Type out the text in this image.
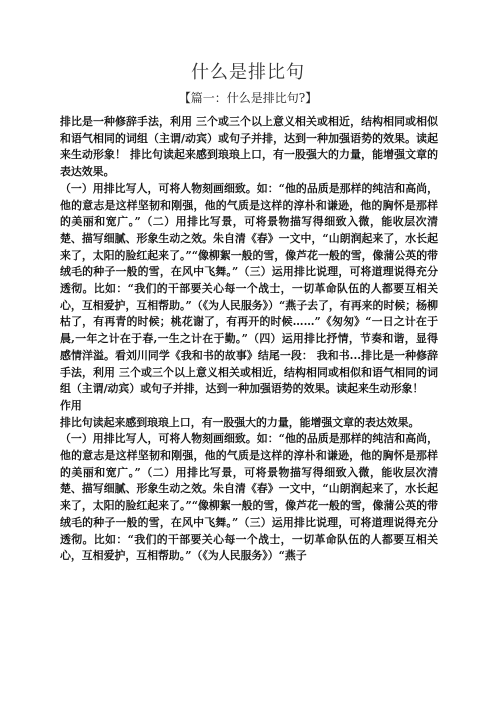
什么是排比句
【篇一：什么是排比句?】

排比是一种修辞手法，利用 三个或三个以上意义相关或相近，结构相同或相似和语气相同的词组（主谓/动宾）或句子并排，达到一种加强语势的效果。读起来生动形象！ 排比句读起来感到琅琅上口，有一股强大的力量，能增强文章的表达效果。

（一）用排比写人，可将人物刻画细致。如：“他的品质是那样的纯洁和高尚，他的意志是这样坚韧和刚强，他的气质是这样的淳朴和谦逊，他的胸怀是那样的美丽和宽广。”（二）用排比写景，可将景物描写得细致入微，能收层次清楚、描写细腻、形象生动之效。朱自清《春》一文中，“山朗润起来了，水长起来了，太阳的脸红起来了。”“像柳絮一般的雪，像芦花一般的雪，像蒲公英的带绒毛的种子一般的雪，在风中飞舞。”（三）运用排比说理，可将道理说得充分透彻。比如：“我们的干部要关心每一个战士，一切革命队伍的人都要互相关心，互相爱护，互相帮助。”（《为人民服务》）“燕子去了，有再来的时候；杨柳枯了，有再青的时候；桃花谢了，有再开的时候……”《匆匆》“一日之计在于晨,一年之计在于春,一生之计在于勤。”（四）运用排比抒情，节奏和谐，显得感情洋溢。看刘川同学《我和书的故事》结尾一段： 我和书...排比是一种修辞手法，利用 三个或三个以上意义相关或相近，结构相同或相似和语气相同的词组（主谓/动宾）或句子并排，达到一种加强语势的效果。读起来生动形象！

作用

排比句读起来感到琅琅上口，有一股强大的力量，能增强文章的表达效果。

（一）用排比写人，可将人物刻画细致。如：“他的品质是那样的纯洁和高尚，他的意志是这样坚韧和刚强，他的气质是这样的淳朴和谦逊，他的胸怀是那样的美丽和宽广。”（二）用排比写景，可将景物描写得细致入微，能收层次清楚、描写细腻、形象生动之效。朱自清《春》一文中，“山朗润起来了，水长起来了，太阳的脸红起来了。”“像柳絮一般的雪，像芦花一般的雪，像蒲公英的带绒毛的种子一般的雪，在风中飞舞。”（三）运用排比说理，可将道理说得充分透彻。比如：“我们的干部要关心每一个战士，一切革命队伍的人都要互相关心，互相爱护，互相帮助。”（《为人民服务》）“燕子
